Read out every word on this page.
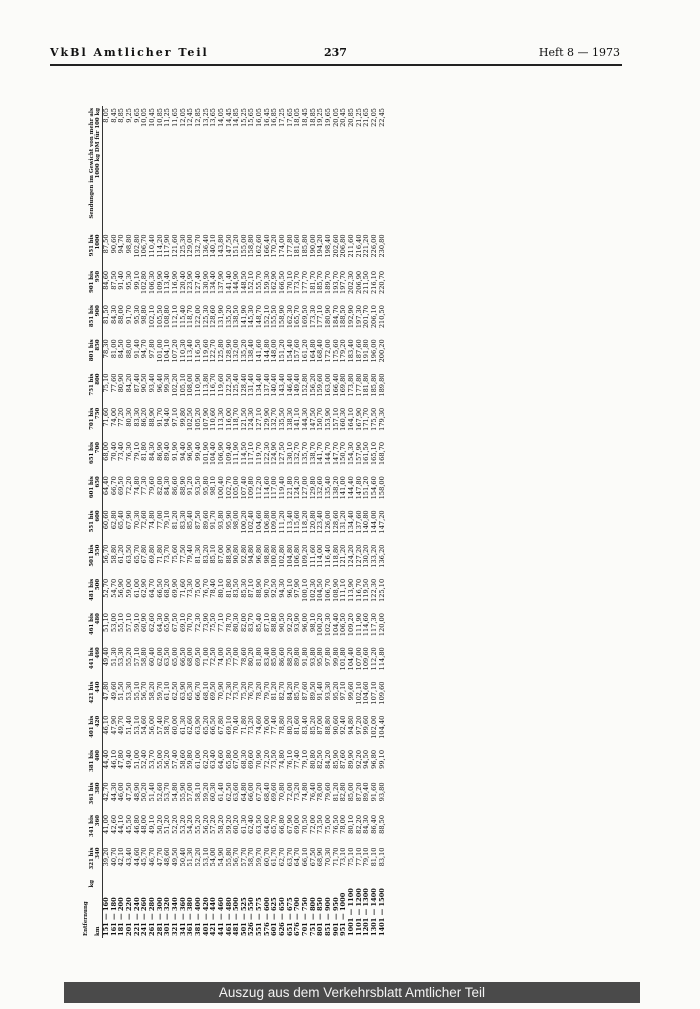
VkBl Amtlicher Teil	237	Heft 8 — 1973
Entfernung
kg
km	321 bis 340	341 bis 360	361 bis 380	381 bis 400	401 bis 420	421 bis 440	441 bis 460	461 bis 480	481 bis 500	501 bis 550	551 bis 600	601 bis 650	651 bis 700	701 bis 750	751 bis 800	801 bis 850	851 bis 900	901 bis 950	951 bis 1000	Sendungen im Gewicht von mehr als 1000 kg DM für 100 kg
151 — 160	39,20	41,00	42,70	44,40	46,10	47,80	49,40	51,10	52,70	56,70	60,60	64,40	68,00	71,60	75,10	78,30	81,50	84,60	87,50	8,05
161 — 180	40,70	42,60	44,30	46,10	47,90	49,60	51,30	53,00	54,70	58,80	62,80	66,70	70,40	74,00	77,60	81,00	84,30	87,50	90,60	8,45
181 — 200	42,10	44,10	46,00	47,80	49,70	51,50	53,30	55,10	56,90	61,20	65,40	69,50	73,40	77,20	80,90	84,50	88,00	91,40	94,70	8,85
201 — 220	43,40	45,50	47,50	49,40	51,40	53,30	55,20	57,10	59,00	63,50	67,90	72,20	76,30	80,30	84,20	88,00	91,70	95,30	98,80	9,25
221 — 240	44,60	46,80	48,90	51,00	53,10	55,10	57,10	59,10	61,00	65,70	70,30	74,80	79,10	83,30	87,40	91,40	95,30	99,10	102,80	9,65
241 — 260	45,70	48,00	50,20	52,40	54,60	56,70	58,80	60,90	62,90	67,80	72,60	77,30	81,80	86,20	90,50	94,70	98,80	102,80	106,70	10,05
261 — 280	46,70	49,10	51,40	53,70	56,00	58,20	60,40	62,60	64,70	69,80	74,80	79,60	84,30	88,90	93,40	97,80	102,10	106,30	110,40	10,45
281 — 300	47,70	50,20	52,60	55,00	57,40	59,70	62,00	64,30	66,50	71,80	77,00	82,00	86,90	91,70	96,40	101,00	105,50	109,90	114,20	10,85
301 — 320	48,60	51,20	53,70	56,20	58,70	61,10	63,50	65,90	68,20	73,70	79,10	84,30	89,40	94,40	99,30	104,10	108,80	113,40	117,90	11,25
321 — 340	49,50	52,20	54,80	57,40	60,00	62,50	65,00	67,50	69,90	75,60	81,20	86,60	91,90	97,10	102,20	107,20	112,10	116,90	121,60	11,65
341 — 360	50,40	53,20	55,90	58,60	61,30	63,90	66,50	69,10	71,60	77,50	83,30	88,90	94,40	99,80	105,10	110,30	115,40	120,40	125,30	12,05
361 — 380	51,30	54,20	57,00	59,80	62,60	65,30	68,00	70,70	73,30	79,40	85,40	91,20	96,90	102,50	108,00	113,40	118,70	123,90	129,00	12,45
381 — 400	52,20	55,20	58,10	61,00	63,90	66,70	69,50	72,30	75,00	81,30	87,50	93,50	99,40	105,20	110,90	116,50	122,00	127,40	132,70	12,85
401 — 420	53,10	56,20	59,20	62,20	65,20	68,10	71,00	73,90	76,70	83,20	89,60	95,80	101,90	107,90	113,80	119,60	125,30	130,90	136,40	13,25
421 — 440	54,00	57,20	60,30	63,40	66,50	69,50	72,50	75,50	78,40	85,10	91,70	98,10	104,40	110,60	116,70	122,70	128,60	134,40	140,10	13,65
441 — 460	54,90	58,20	61,40	64,60	67,80	70,90	74,00	77,10	80,10	87,00	93,80	100,40	106,90	113,30	119,60	125,80	131,90	137,90	143,80	14,05
461 — 480	55,80	59,20	62,50	65,80	69,10	72,30	75,50	78,70	81,80	88,90	95,90	102,70	109,40	116,00	122,50	128,90	135,20	141,40	147,50	14,45
481 — 500	56,70	60,20	63,60	67,00	70,40	73,70	77,00	80,30	83,50	90,80	98,00	105,00	111,90	118,70	125,40	132,00	138,50	144,90	151,20	14,85
501 — 525	57,70	61,30	64,80	68,30	71,80	75,20	78,60	82,00	85,30	92,80	100,20	107,40	114,50	121,50	128,40	135,20	141,90	148,50	155,00	15,25
526 — 550	58,70	62,40	66,00	69,60	73,20	76,70	80,20	83,70	87,10	94,80	102,40	109,80	117,10	124,30	131,40	138,40	145,30	152,10	158,80	15,65
551 — 575	59,70	63,50	67,20	70,90	74,60	78,20	81,80	85,40	88,90	96,80	104,60	112,20	119,70	127,10	134,40	141,60	148,70	155,70	162,60	16,05
576 — 600	60,70	64,60	68,40	72,20	76,00	79,70	83,40	87,10	90,70	98,80	106,80	114,60	122,30	129,90	137,40	144,80	152,10	159,30	166,40	16,45
601 — 625	61,70	65,70	69,60	73,50	77,40	81,20	85,00	88,80	92,50	100,80	109,00	117,00	124,90	132,70	140,40	148,00	155,50	162,90	170,20	16,85
626 — 650	62,70	66,80	70,80	74,80	78,80	82,70	86,60	90,50	94,30	102,80	111,20	119,40	127,50	135,50	143,40	151,20	158,90	166,50	174,00	17,25
651 — 675	63,70	67,90	72,00	76,10	80,20	84,20	88,20	92,20	96,10	104,80	113,40	121,80	130,10	138,30	146,40	154,40	162,30	170,10	177,80	17,65
676 — 700	64,70	69,00	73,20	77,40	81,60	85,70	89,80	93,90	97,90	106,80	115,60	124,20	132,70	141,10	149,40	157,60	165,70	173,70	181,60	18,05
701 — 750	66,10	70,50	74,80	79,10	83,40	87,60	91,80	96,00	100,10	109,20	118,20	127,00	135,70	144,30	152,80	161,20	169,50	177,70	185,80	18,45
751 — 800	67,50	72,00	76,40	80,80	85,20	89,50	93,80	98,10	102,30	111,60	120,80	129,80	138,70	147,50	156,20	164,80	173,30	181,70	190,00	18,85
801 — 850	68,90	73,50	78,00	82,50	87,00	91,40	95,80	100,20	104,50	114,00	123,40	132,60	141,70	150,70	159,60	168,40	177,10	185,70	194,20	19,25
851 — 900	70,30	75,00	79,60	84,20	88,80	93,30	97,80	102,30	106,70	116,40	126,00	135,40	144,70	153,90	163,00	172,00	180,90	189,70	198,40	19,65
901 — 950	71,70	76,50	81,20	85,90	90,60	95,20	99,80	104,40	108,90	118,80	128,60	138,20	147,70	157,10	166,40	175,60	184,70	193,70	202,60	20,05
951 — 1000	73,10	78,00	82,80	87,60	92,40	97,10	101,80	106,50	111,10	121,20	131,20	141,00	150,70	160,30	169,80	179,20	188,50	197,70	206,80	20,45
1001 — 1100	75,10	80,10	85,00	89,90	94,80	99,60	104,40	109,20	113,90	124,20	134,40	144,40	154,30	164,10	173,80	183,40	192,90	202,30	211,60	20,85
1101 — 1200	77,10	82,20	87,20	92,20	97,20	102,10	107,00	111,90	116,70	127,20	137,60	147,80	157,90	167,90	177,80	187,60	197,30	206,90	216,40	21,25
1201 — 1300	79,10	84,30	89,40	94,50	99,60	104,60	109,60	114,60	119,50	130,20	140,80	151,20	161,50	171,70	181,80	191,80	201,70	211,50	221,20	21,65
1301 — 1400	81,10	86,40	91,60	96,80	102,00	107,10	112,20	117,30	122,30	133,20	144,00	154,60	165,10	175,50	185,80	196,00	206,10	216,10	226,00	22,05
1401 — 1500	83,10	88,50	93,80	99,10	104,40	109,60	114,80	120,00	125,10	136,20	147,20	158,00	168,70	179,30	189,80	200,20	210,50	220,70	230,80	22,45
Auszug aus dem Verkehrsblatt Amtlicher Teil
